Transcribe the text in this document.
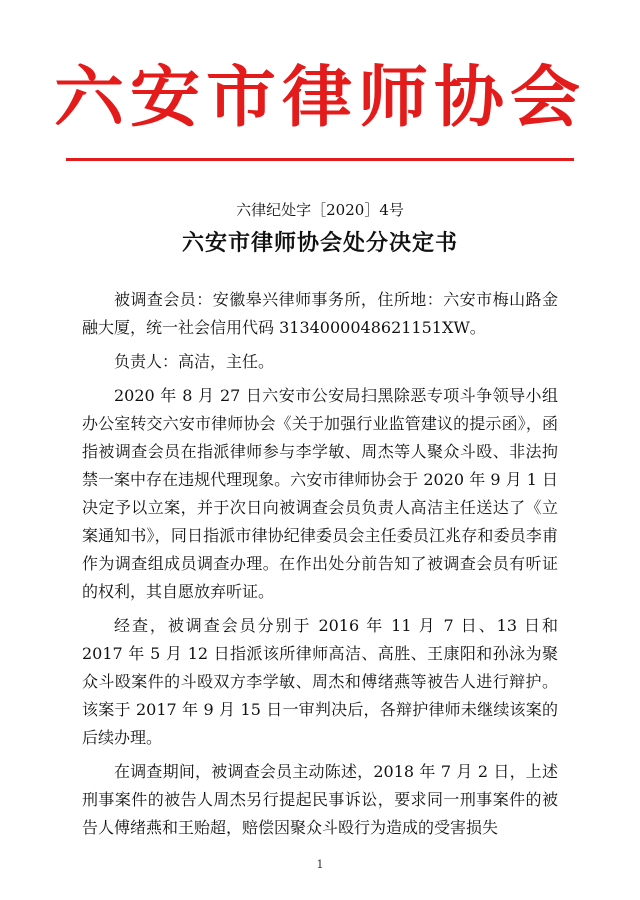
六安市律师协会
六律纪处字［2020］4号
六安市律师协会处分决定书

被调查会员：安徽皋兴律师事务所，住所地：六安市梅山路金融大厦，统一社会信用代码 3134000048621151XW。

负责人：高洁，主任。

2020 年 8 月 27 日六安市公安局扫黑除恶专项斗争领导小组办公室转交六安市律师协会《关于加强行业监管建议的提示函》，函指被调查会员在指派律师参与李学敏、周杰等人聚众斗殴、非法拘禁一案中存在违规代理现象。六安市律师协会于 2020 年 9 月 1 日决定予以立案，并于次日向被调查会员负责人高洁主任送达了《立案通知书》，同日指派市律协纪律委员会主任委员江兆存和委员李甫作为调查组成员调查办理。在作出处分前告知了被调查会员有听证的权利，其自愿放弃听证。

经查，被调查会员分别于 2016 年 11 月 7 日、13 日和 2017 年 5 月 12 日指派该所律师高洁、高胜、王康阳和孙泳为聚众斗殴案件的斗殴双方李学敏、周杰和傅绪燕等被告人进行辩护。该案于 2017 年 9 月 15 日一审判决后，各辩护律师未继续该案的后续办理。

在调查期间，被调查会员主动陈述，2018 年 7 月 2 日，上述刑事案件的被告人周杰另行提起民事诉讼，要求同一刑事案件的被告人傅绪燕和王贻超，赔偿因聚众斗殴行为造成的受害损失

1
